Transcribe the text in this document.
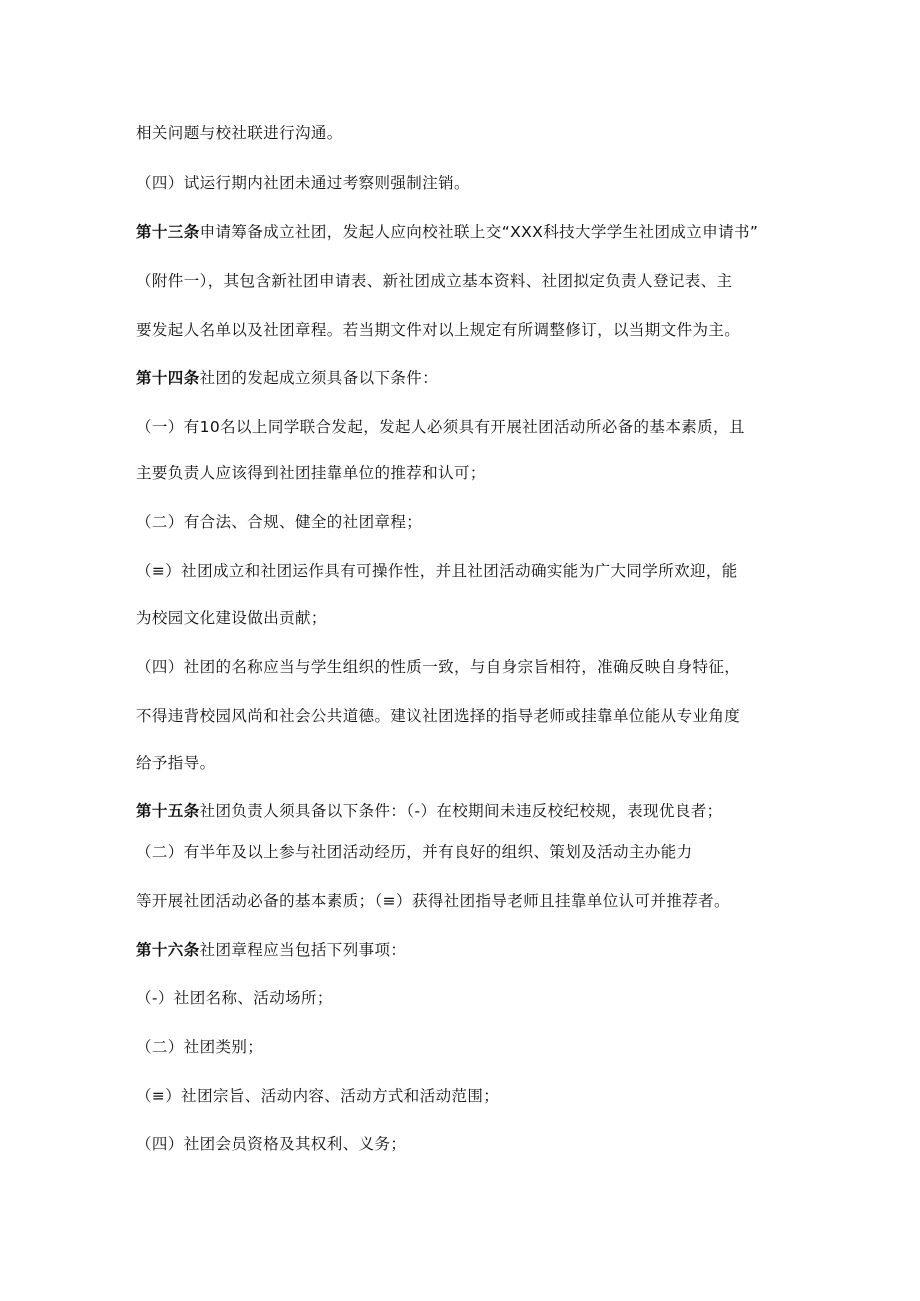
相关问题与校社联进行沟通。
（四）试运行期内社团未通过考察则强制注销。
第十三条申请筹备成立社团，发起人应向校社联上交“XXX科技大学学生社团成立申请书”
（附件一），其包含新社团申请表、新社团成立基本资料、社团拟定负责人登记表、主
要发起人名单以及社团章程。若当期文件对以上规定有所调整修订，以当期文件为主。
第十四条社团的发起成立须具备以下条件：
（一）有10名以上同学联合发起，发起人必须具有开展社团活动所必备的基本素质，且
主要负责人应该得到社团挂靠单位的推荐和认可；
（二）有合法、合规、健全的社团章程；
（≡）社团成立和社团运作具有可操作性，并且社团活动确实能为广大同学所欢迎，能
为校园文化建设做出贡献；
（四）社团的名称应当与学生组织的性质一致，与自身宗旨相符，准确反映自身特征，
不得违背校园风尚和社会公共道德。建议社团选择的指导老师或挂靠单位能从专业角度
给予指导。
第十五条社团负责人须具备以下条件：（-）在校期间未违反校纪校规，表现优良者；
（二）有半年及以上参与社团活动经历，并有良好的组织、策划及活动主办能力
等开展社团活动必备的基本素质；（≡）获得社团指导老师且挂靠单位认可并推荐者。
第十六条社团章程应当包括下列事项：
（-）社团名称、活动场所；
（二）社团类别；
（≡）社团宗旨、活动内容、活动方式和活动范围；
（四）社团会员资格及其权利、义务；
